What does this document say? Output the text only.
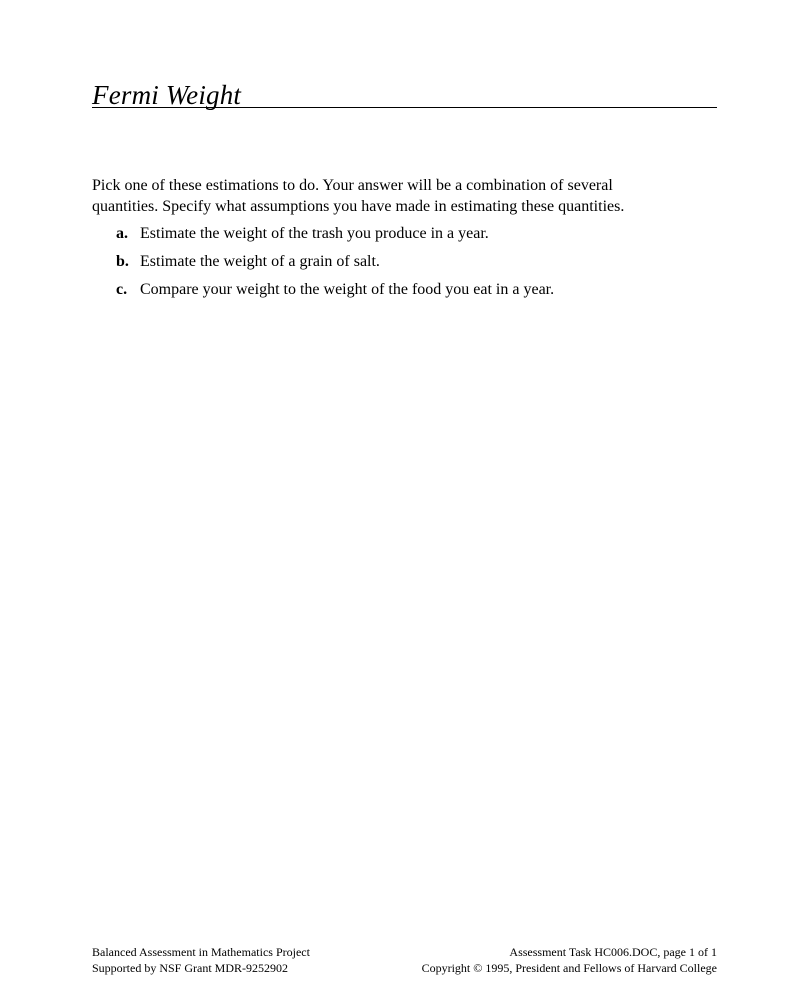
Fermi Weight

Pick one of these estimations to do. Your answer will be a combination of several quantities. Specify what assumptions you have made in estimating these quantities.

a. Estimate the weight of the trash you produce in a year.
b. Estimate the weight of a grain of salt.
c. Compare your weight to the weight of the food you eat in a year.
Balanced Assessment in Mathematics Project
Supported by NSF Grant MDR-9252902
Assessment Task HC006.DOC, page 1 of 1
Copyright © 1995, President and Fellows of Harvard College
